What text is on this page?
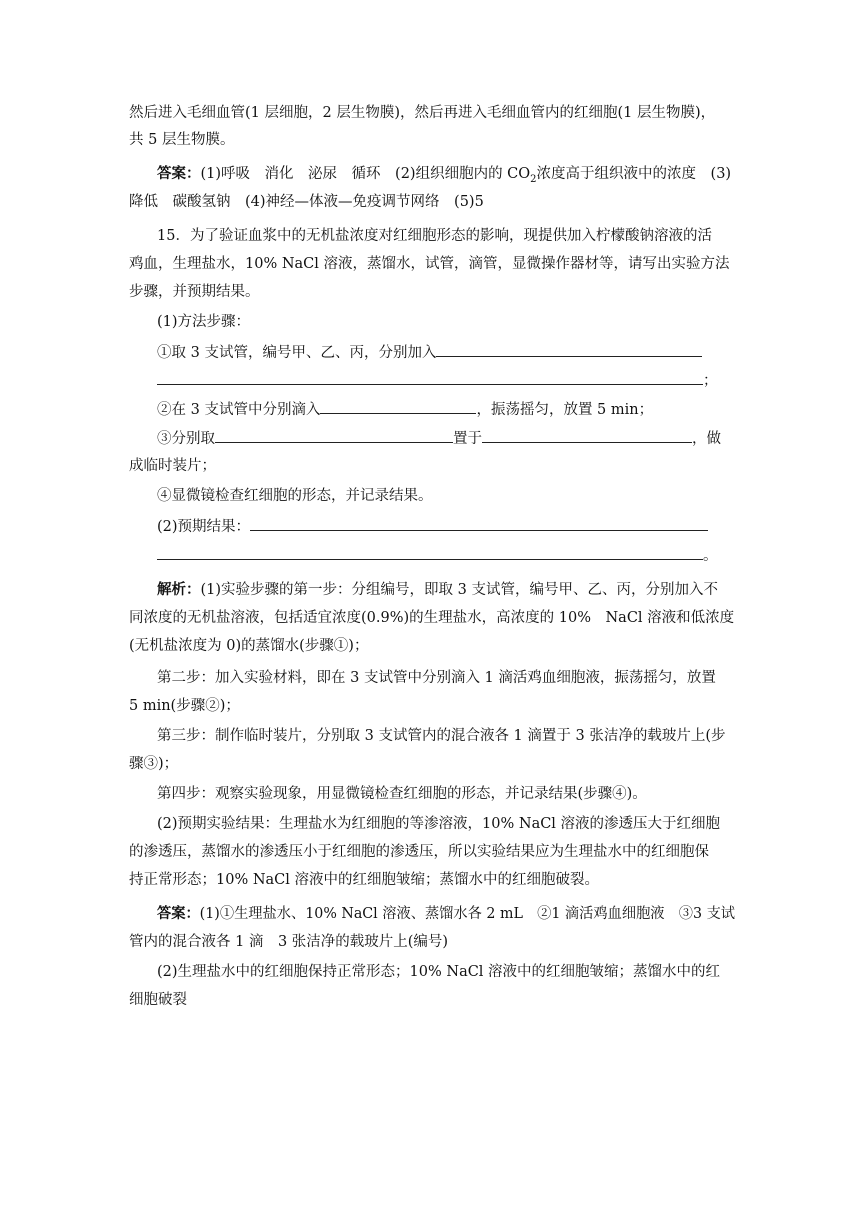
然后进入毛细血管(1 层细胞，2 层生物膜)，然后再进入毛细血管内的红细胞(1 层生物膜)，
共 5 层生物膜。
答案：(1)呼吸　消化　泌尿　循环　(2)组织细胞内的 $CO_2$浓度高于组织液中的浓度　(3)
降低　碳酸氢钠　(4)神经—体液—免疫调节网络　(5)5
15．为了验证血浆中的无机盐浓度对红细胞形态的影响，现提供加入柠檬酸钠溶液的活
鸡血，生理盐水，10% NaCl 溶液，蒸馏水，试管，滴管，显微操作器材等，请写出实验方法
步骤，并预期结果。
(1)方法步骤：
①取 3 支试管，编号甲、乙、丙，分别加入
；
②在 3 支试管中分别滴入	，振荡摇匀，放置 5 min；
③分别取	置于	，做
成临时装片；
④显微镜检查红细胞的形态，并记录结果。
(2)预期结果：
。
解析：(1)实验步骤的第一步：分组编号，即取 3 支试管，编号甲、乙、丙，分别加入不
同浓度的无机盐溶液，包括适宜浓度(0.9%)的生理盐水，高浓度的 10%　NaCl 溶液和低浓度
(无机盐浓度为 0)的蒸馏水(步骤①)；
第二步：加入实验材料，即在 3 支试管中分别滴入 1 滴活鸡血细胞液，振荡摇匀，放置
5 min(步骤②)；
第三步：制作临时装片，分别取 3 支试管内的混合液各 1 滴置于 3 张洁净的载玻片上(步
骤③)；
第四步：观察实验现象，用显微镜检查红细胞的形态，并记录结果(步骤④)。
(2)预期实验结果：生理盐水为红细胞的等渗溶液，10% NaCl 溶液的渗透压大于红细胞
的渗透压，蒸馏水的渗透压小于红细胞的渗透压，所以实验结果应为生理盐水中的红细胞保
持正常形态；10% NaCl 溶液中的红细胞皱缩；蒸馏水中的红细胞破裂。
答案：(1)①生理盐水、10% NaCl 溶液、蒸馏水各 2 mL　②1 滴活鸡血细胞液　③3 支试
管内的混合液各 1 滴　3 张洁净的载玻片上(编号)
(2)生理盐水中的红细胞保持正常形态；10% NaCl 溶液中的红细胞皱缩；蒸馏水中的红
细胞破裂
